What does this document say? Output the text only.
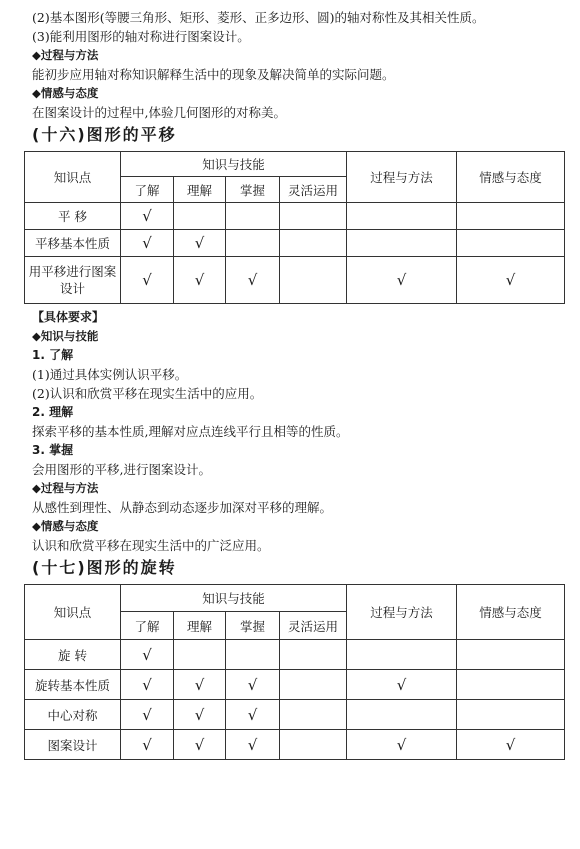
(2)基本图形(等腰三角形、矩形、菱形、正多边形、圆)的轴对称性及其相关性质。
(3)能利用图形的轴对称进行图案设计。
◆过程与方法
能初步应用轴对称知识解释生活中的现象及解决简单的实际问题。
◆情感与态度
在图案设计的过程中,体验几何图形的对称美。
(十六)图形的平移
知识点	知识与技能				过程与方法	情感与态度
	了解	理解	掌握	灵活运用		
平 移	√					
平移基本性质	√	√				

用平移进行图案
设计	√	√	√		√	√
【具体要求】
◆知识与技能
1. 了解
(1)通过具体实例认识平移。
(2)认识和欣赏平移在现实生活中的应用。
2. 理解
探索平移的基本性质,理解对应点连线平行且相等的性质。
3. 掌握
会用图形的平移,进行图案设计。
◆过程与方法
从感性到理性、从静态到动态逐步加深对平移的理解。
◆情感与态度
认识和欣赏平移在现实生活中的广泛应用。
(十七)图形的旋转
知识点	知识与技能				过程与方法	情感与态度
	了解	理解	掌握	灵活运用		
旋 转	√					
旋转基本性质	√	√	√		√	
中心对称	√	√	√			
图案设计	√	√	√		√	√
